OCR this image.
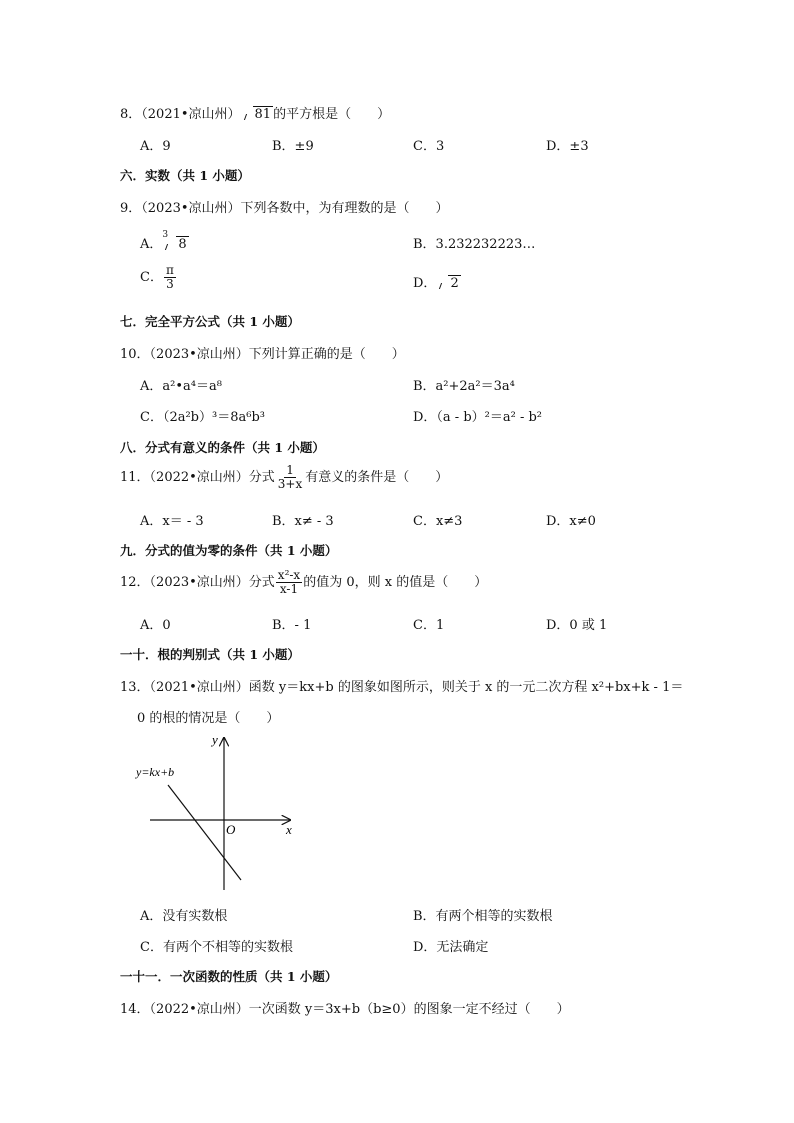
8．（2021•凉山州） 81 的平方根是（　　）
A．9	B．±9	C．3	D．±3
六．实数（共 1 小题）
9．（2023•凉山州）下列各数中，为有理数的是（　　）
A．
3
8	B．3.232232223…
C． $\frac{\pi}{3}$	D． 2
七．完全平方公式（共 1 小题）
10．（2023•凉山州）下列计算正确的是（　　）
A．a²•a⁴＝a⁸	B．a²+2a²＝3a⁴
C．（2a²b）³＝8a⁶b³	D．（a - b）²＝a² - b²
八．分式有意义的条件（共 1 小题）
11．（2022•凉山州）分式 $\frac{1}{3+x}$ 有意义的条件是（　　）
A．x＝ - 3	B．x≠ - 3	C．x≠3	D．x≠0
九．分式的值为零的条件（共 1 小题）
12．（2023•凉山州）分式 $\frac{\text{x²-x}}{x-1}$ 的值为 0，则 x 的值是（　　）
A．0	B．- 1	C．1	D．0 或 1
一十．根的判别式（共 1 小题）
13．（2021•凉山州）函数 y＝kx+b 的图象如图所示，则关于 x 的一元二次方程 x²+bx+k - 1＝
0 的根的情况是（　　）
y
x
O
y=kx+b
A．没有实数根	B．有两个相等的实数根
C．有两个不相等的实数根	D．无法确定
一十一．一次函数的性质（共 1 小题）
14．（2022•凉山州）一次函数 y＝3x+b（b≥0）的图象一定不经过（　　）
